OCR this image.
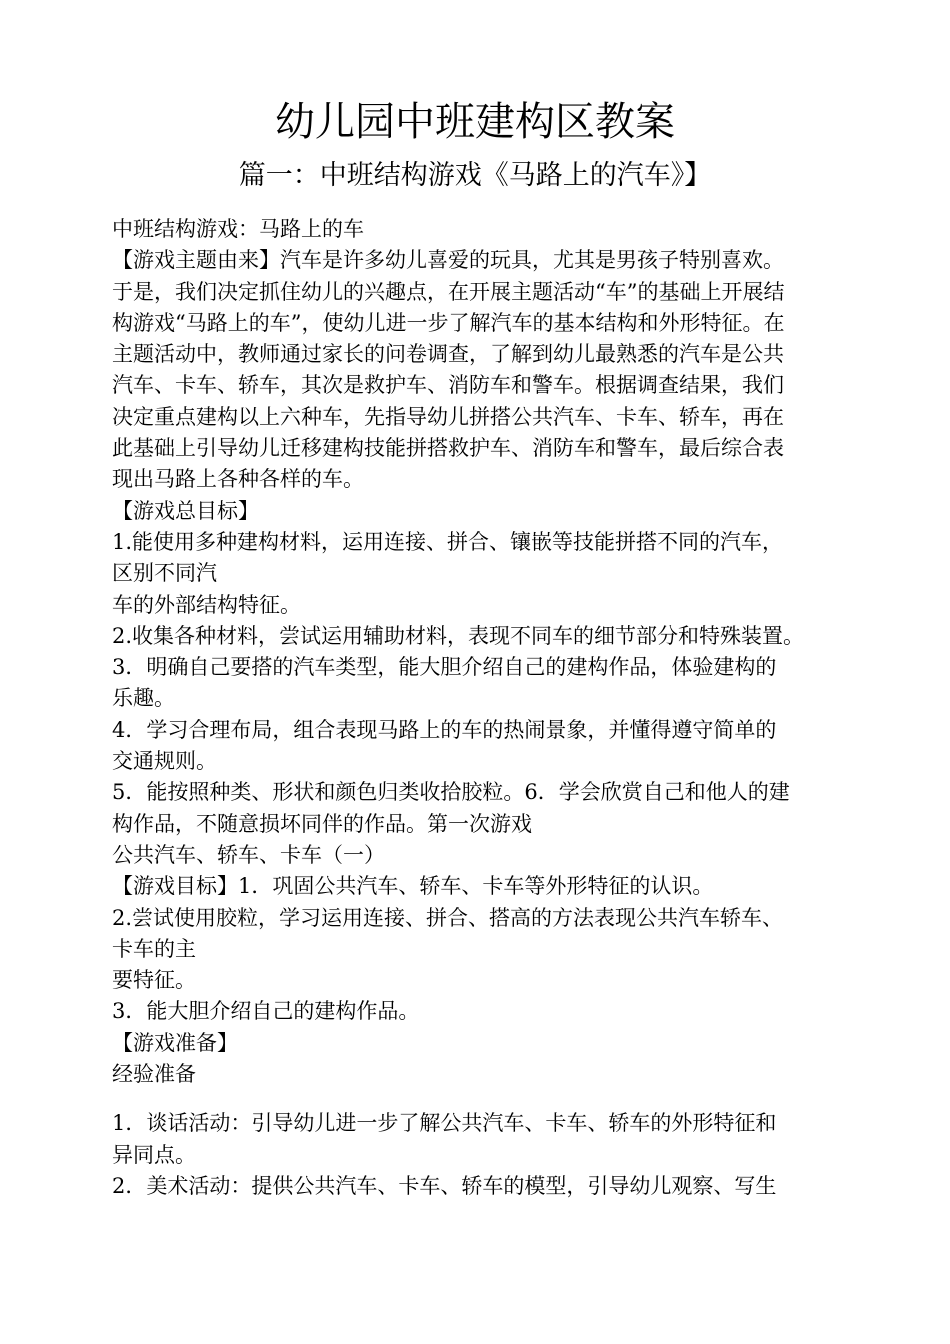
幼儿园中班建构区教案
篇一：中班结构游戏《马路上的汽车》】
中班结构游戏：马路上的车
【游戏主题由来】汽车是许多幼儿喜爱的玩具，尤其是男孩子特别喜欢。
于是，我们决定抓住幼儿的兴趣点，在开展主题活动“车”的基础上开展结
构游戏“马路上的车”，使幼儿进一步了解汽车的基本结构和外形特征。在
主题活动中，教师通过家长的问卷调查，了解到幼儿最熟悉的汽车是公共
汽车、卡车、轿车，其次是救护车、消防车和警车。根据调查结果，我们
决定重点建构以上六种车，先指导幼儿拼搭公共汽车、卡车、轿车，再在
此基础上引导幼儿迁移建构技能拼搭救护车、消防车和警车，最后综合表
现出马路上各种各样的车。
【游戏总目标】
1.能使用多种建构材料，运用连接、拼合、镶嵌等技能拼搭不同的汽车，
区别不同汽
车的外部结构特征。
2.收集各种材料，尝试运用辅助材料，表现不同车的细节部分和特殊装置。
3．明确自己要搭的汽车类型，能大胆介绍自己的建构作品，体验建构的
乐趣。
4．学习合理布局，组合表现马路上的车的热闹景象，并懂得遵守简单的
交通规则。
5．能按照种类、形状和颜色归类收拾胶粒。6．学会欣赏自己和他人的建
构作品，不随意损坏同伴的作品。第一次游戏
公共汽车、轿车、卡车（一）
【游戏目标】1．巩固公共汽车、轿车、卡车等外形特征的认识。
2.尝试使用胶粒，学习运用连接、拼合、搭高的方法表现公共汽车轿车、
卡车的主
要特征。
3．能大胆介绍自己的建构作品。
【游戏准备】
经验准备
1．谈话活动：引导幼儿进一步了解公共汽车、卡车、轿车的外形特征和
异同点。
2．美术活动：提供公共汽车、卡车、轿车的模型，引导幼儿观察、写生
